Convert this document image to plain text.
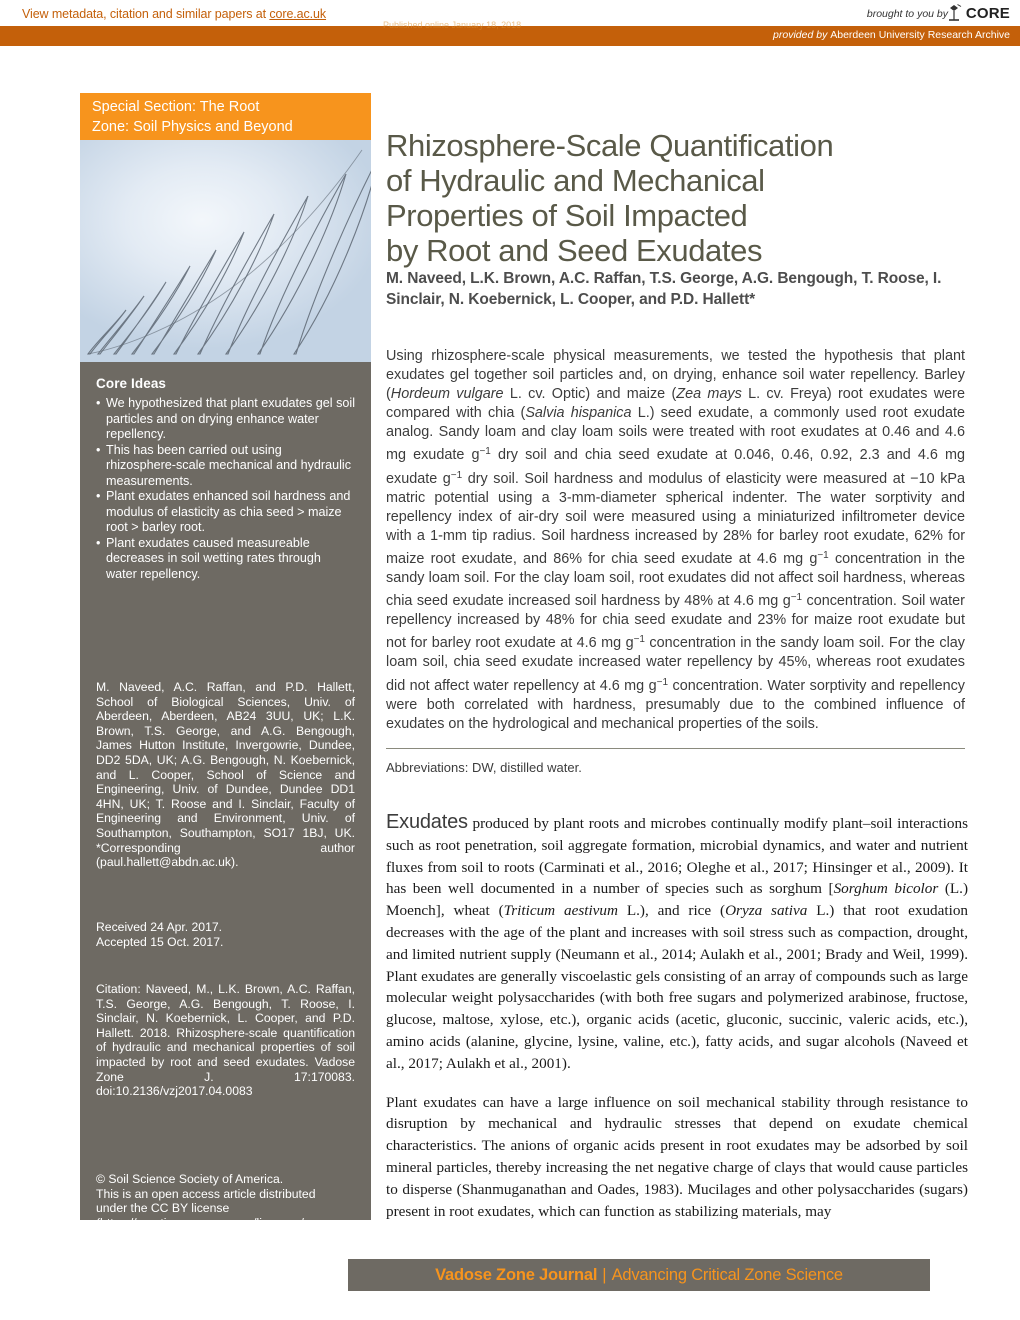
View metadata, citation and similar papers at core.ac.uk	brought to you by CORE
Published online January 18, 2018
provided by Aberdeen University Research Archive
Special Section: The Root
Zone: Soil Physics and Beyond
Core Ideas
• We hypothesized that plant exudates gel soil particles and on drying enhance water repellency.
• This has been carried out using rhizosphere-scale mechanical and hydraulic measurements.
• Plant exudates enhanced soil hardness and modulus of elasticity as chia seed > maize root > barley root.
• Plant exudates caused measureable decreases in soil wetting rates through water repellency.
M. Naveed, A.C. Raffan, and P.D. Hallett, School of Biological Sciences, Univ. of Aberdeen, Aberdeen, AB24 3UU, UK; L.K. Brown, T.S. George, and A.G. Bengough, James Hutton Institute, Invergowrie, Dundee, DD2 5DA, UK; A.G. Bengough, N. Koebernick, and L. Cooper, School of Science and Engineering, Univ. of Dundee, Dundee DD1 4HN, UK; T. Roose and I. Sinclair, Faculty of Engineering and Environment, Univ. of Southampton, Southampton, SO17 1BJ, UK. *Corresponding author (paul.hallett@abdn.ac.uk).
Received 24 Apr. 2017.
Accepted 15 Oct. 2017.
Citation: Naveed, M., L.K. Brown, A.C. Raffan, T.S. George, A.G. Bengough, T. Roose, I. Sinclair, N. Koebernick, L. Cooper, and P.D. Hallett. 2018. Rhizosphere-scale quantification of hydraulic and mechanical properties of soil impacted by root and seed exudates. Vadose Zone J. 17:170083. doi:10.2136/vzj2017.04.0083
© Soil Science Society of America.
This is an open access article distributed
under the CC BY license
(https://creativecommons.org/licenses/
by/4.0/).
Rhizosphere-Scale Quantification
of Hydraulic and Mechanical
Properties of Soil Impacted
by Root and Seed Exudates
M. Naveed, L.K. Brown, A.C. Raffan, T.S. George, A.G. Bengough, T. Roose, I. Sinclair, N. Koebernick, L. Cooper, and P.D. Hallett*
Using rhizosphere-scale physical measurements, we tested the hypothesis that plant exudates gel together soil particles and, on drying, enhance soil water repellency. Barley (Hordeum vulgare L. cv. Optic) and maize (Zea mays L. cv. Freya) root exudates were compared with chia (Salvia hispanica L.) seed exudate, a commonly used root exudate analog. Sandy loam and clay loam soils were treated with root exudates at 0.46 and 4.6 mg exudate $g^{-1}$ dry soil and chia seed exudate at 0.046, 0.46, 0.92, 2.3 and 4.6 mg exudate $g^{-1}$ dry soil. Soil hardness and modulus of elasticity were measured at −10 kPa matric potential using a 3-mm-diameter spherical indenter. The water sorptivity and repellency index of air-dry soil were measured using a miniaturized infiltrometer device with a 1-mm tip radius. Soil hardness increased by 28% for barley root exudate, 62% for maize root exudate, and 86% for chia seed exudate at 4.6 mg $g^{-1}$ concentration in the sandy loam soil. For the clay loam soil, root exudates did not affect soil hardness, whereas chia seed exudate increased soil hardness by 48% at 4.6 mg $g^{-1}$ concentration. Soil water repellency increased by 48% for chia seed exudate and 23% for maize root exudate but not for barley root exudate at 4.6 mg $g^{-1}$ concentration in the sandy loam soil. For the clay loam soil, chia seed exudate increased water repellency by 45%, whereas root exudates did not affect water repellency at 4.6 mg $g^{-1}$ concentration. Water sorptivity and repellency were both correlated with hardness, presumably due to the combined influence of exudates on the hydrological and mechanical properties of the soils.
Abbreviations: DW, distilled water.

Exudates produced by plant roots and microbes continually modify plant–soil interactions such as root penetration, soil aggregate formation, microbial dynamics, and water and nutrient fluxes from soil to roots (Carminati et al., 2016; Oleghe et al., 2017; Hinsinger et al., 2009). It has been well documented in a number of species such as sorghum [Sorghum bicolor (L.) Moench], wheat (Triticum aestivum L.), and rice (Oryza sativa L.) that root exudation decreases with the age of the plant and increases with soil stress such as compaction, drought, and limited nutrient supply (Neumann et al., 2014; Aulakh et al., 2001; Brady and Weil, 1999). Plant exudates are generally viscoelastic gels consisting of an array of compounds such as large molecular weight polysaccharides (with both free sugars and polymerized arabinose, fructose, glucose, maltose, xylose, etc.), organic acids (acetic, gluconic, succinic, valeric acids, etc.), amino acids (alanine, glycine, lysine, valine, etc.), fatty acids, and sugar alcohols (Naveed et al., 2017; Aulakh et al., 2001).

Plant exudates can have a large influence on soil mechanical stability through resistance to disruption by mechanical and hydraulic stresses that depend on exudate chemical characteristics. The anions of organic acids present in root exudates may be adsorbed by soil mineral particles, thereby increasing the net negative charge of clays that would cause particles to disperse (Shanmuganathan and Oades, 1983). Mucilages and other polysaccharides (sugars) present in root exudates, which can function as stabilizing materials, may

Vadose Zone Journal | Advancing Critical Zone Science
